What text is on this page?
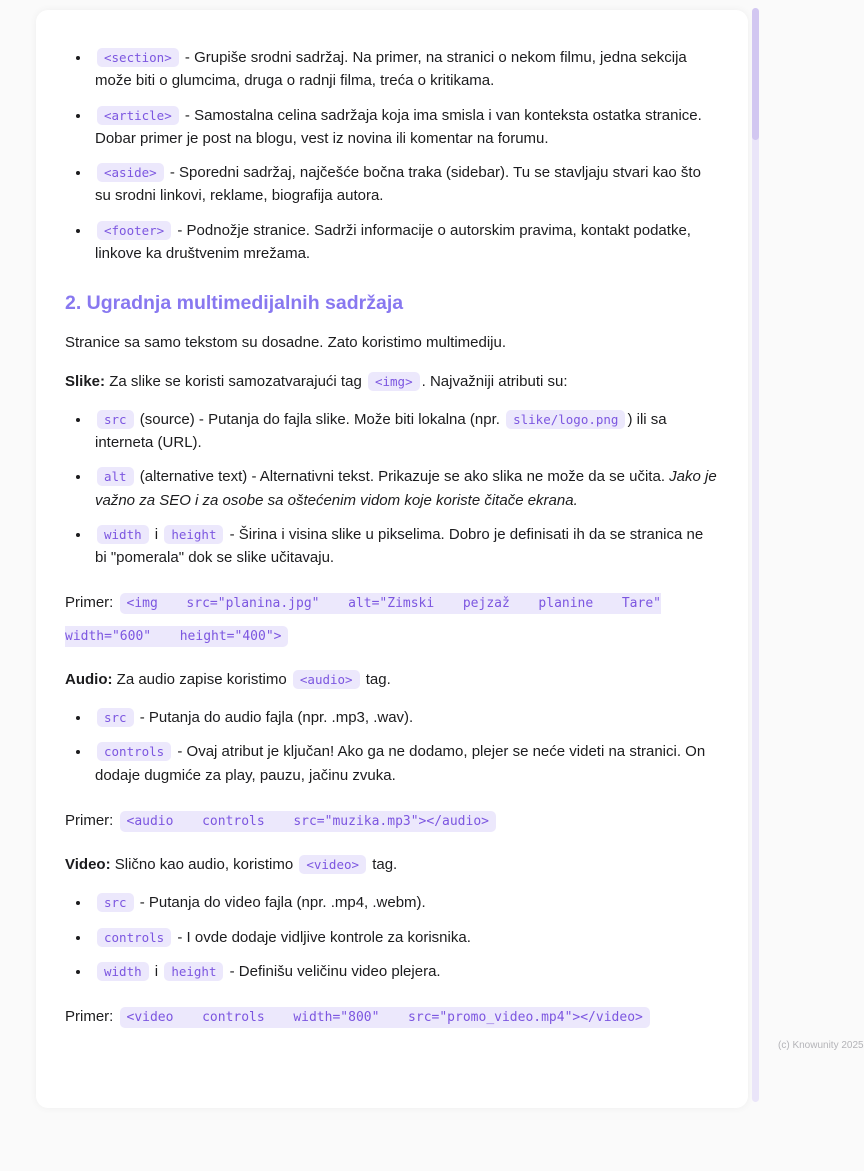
• <section> - Grupiše srodni sadržaj. Na primer, na stranici o nekom filmu, jedna sekcija može biti o glumcima, druga o radnji filma, treća o kritikama.
• <article> - Samostalna celina sadržaja koja ima smisla i van konteksta ostatka stranice. Dobar primer je post na blogu, vest iz novina ili komentar na forumu.
• <aside> - Sporedni sadržaj, najčešće bočna traka (sidebar). Tu se stavljaju stvari kao što su srodni linkovi, reklame, biografija autora.
• <footer> - Podnožje stranice. Sadrži informacije o autorskim pravima, kontakt podatke, linkove ka društvenim mrežama.
2. Ugradnja multimedijalnih sadržaja

Stranice sa samo tekstom su dosadne. Zato koristimo multimediju.

Slike: Za slike se koristi samozatvarajući tag <img> . Najvažniji atributi su:

• src (source) - Putanja do fajla slike. Može biti lokalna (npr. slike/logo.png ) ili sa interneta (URL).
• alt (alternative text) - Alternativni tekst. Prikazuje se ako slika ne može da se učita. Jako je važno za SEO i za osobe sa oštećenim vidom koje koriste čitače ekrana.
• width i height - Širina i visina slike u pikselima. Dobro je definisati ih da se stranica ne bi "pomerala" dok se slike učitavaju.

Primer: <img src="planina.jpg" alt="Zimski pejzaž planine Tare" width="600" height="400">

Audio: Za audio zapise koristimo <audio> tag.

• src - Putanja do audio fajla (npr. .mp3, .wav).
• controls - Ovaj atribut je ključan! Ako ga ne dodamo, plejer se neće videti na stranici. On dodaje dugmiće za play, pauzu, jačinu zvuka.

Primer: <audio controls src="muzika.mp3"></audio>

Video: Slično kao audio, koristimo <video> tag.

• src - Putanja do video fajla (npr. .mp4, .webm).
• controls - I ovde dodaje vidljive kontrole za korisnika.
• width i height - Definišu veličinu video plejera.

Primer: <video controls width="800" src="promo_video.mp4"></video>

(c) Knowunity 2025
